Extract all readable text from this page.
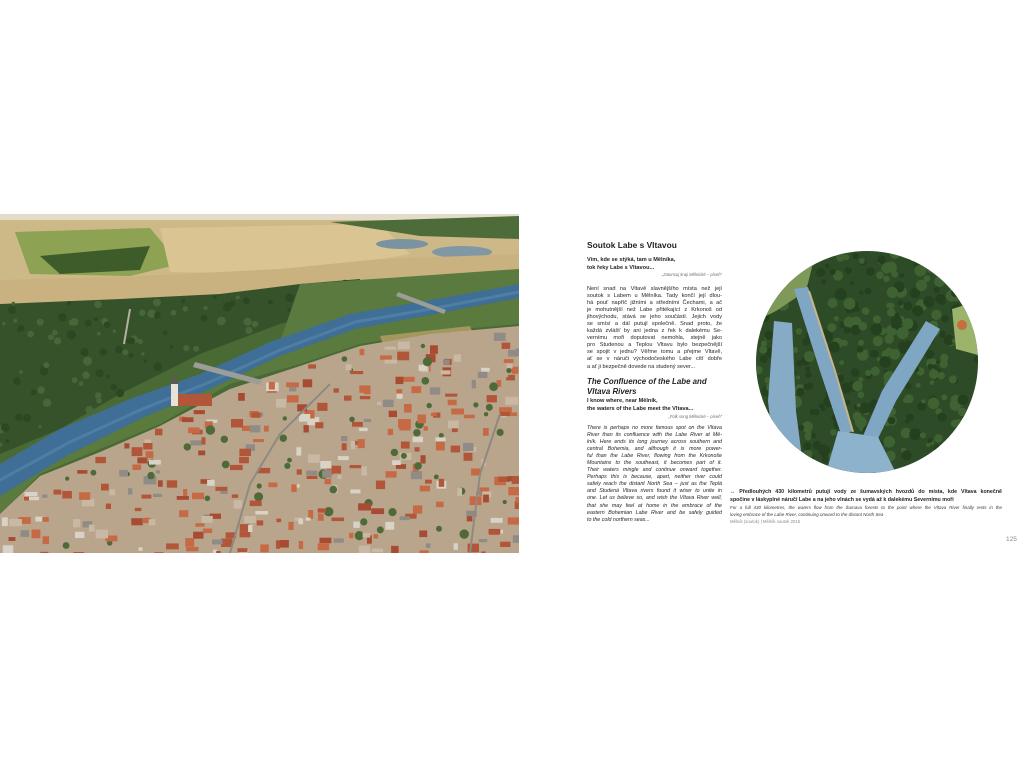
Soutok Labe s Vltavou
Vím, kde se stýká, tam u Mělníka,
tok řeky Labe s Vltavou...
„Zatancuj kraji Mělnické – píseň“
Není snad na Vltavě slavnějšího místa než její
soutok s Labem u Mělníka. Tady končí její dlou-
há pouť napříč jižními a středními Čechami, a ač
je mohutnější než Labe přitékající z Krkonoš od
jihovýchodu, stává se jeho součástí. Jejich vody
se smísí a dál putují společně. Snad proto, že
každá zvlášť by ani jedna z řek k dalekému Se-
vernímu moři doputovat nemohla, stejně jako
pro Studenou a Teplou Vltavu bylo bezpečnější
se spojit v jednu? Věřme tomu a přejme Vltavě,
ať se v náruči východočeského Labe cítí dobře
a ať ji bezpečně dovede na studený sever...
The Confluence of the Labe and
Vltava Rivers
I know where, near Mělník,
the waters of the Labe meet the Vltava...
„Folk song Mělnické – píseň“
There is perhaps no more famous spot on the Vltava
River than its confluence with the Labe River at Mě-
lník. Here ends its long journey across southern and
central Bohemia, and although it is more power-
ful than the Labe River, flowing from the Krkonoše
Mountains to the southeast, it becomes part of it.
Their waters mingle and continue onward together.
Perhaps this is because, apart, neither river could
safely reach the distant North Sea – just as the Teplá
and Studená Vltava rivers found it wiser to unite in
one. Let us believe so, and wish the Vltava River well,
that she may feel at home in the embrace of the
eastern Bohemian Labe River and be safely guided
to the cold northern seas...
↔ Předlouhých 430 kilometrů putují vody ze šumavských hvozdů do místa, kde Vltava konečně
spočine v láskyplné náruči Labe a na jeho vlnách se vydá až k dalekému Severnímu moři
For a full 430 kilometres, the waters flow from the Šumava forests to the point where the Vltava River finally rests in the
loving embrace of the Labe River, continuing onward to the distant North Sea
Mělník (soutok) | Mělník soutok 2015
125
